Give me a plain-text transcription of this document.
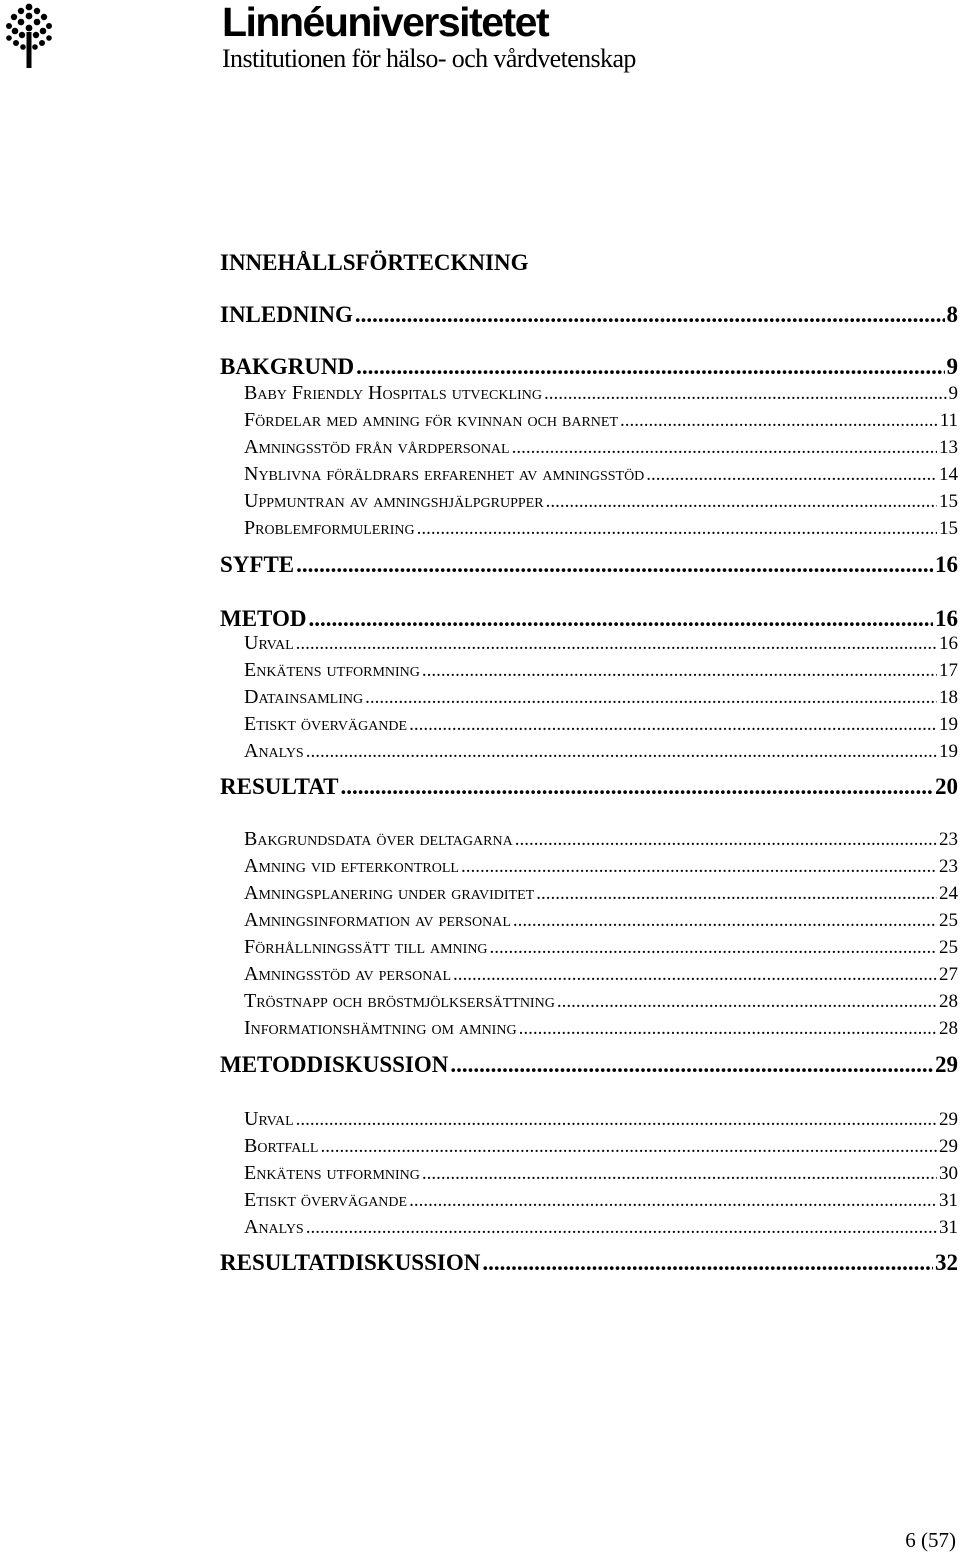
Linnéuniversitetet
Institutionen för hälso- och vårdvetenskap
INNEHÅLLSFÖRTECKNING
INLEDNING .....	8
BAKGRUND .....	9
Baby Friendly Hospitals utveckling .....	9
Fördelar med amning för kvinnan och barnet .....	11
Amningsstöd från vårdpersonal .....	13
Nyblivna föräldrars erfarenhet av amningsstöd .....	14
Uppmuntran av amningshjälpgrupper .....	15
Problemformulering .....	15
SYFTE .....	16
METOD .....	16
Urval .....	16
Enkätens utformning .....	17
Datainsamling .....	18
Etiskt övervägande .....	19
Analys .....	19
RESULTAT .....	20
Bakgrundsdata över deltagarna .....	23
Amning vid efterkontroll .....	23
Amningsplanering under graviditet .....	24
Amningsinformation av personal .....	25
Förhållningssätt till amning .....	25
Amningsstöd av personal .....	27
Tröstnapp och bröstmjölksersättning .....	28
Informationshämtning om amning .....	28
METODDISKUSSION .....	29
Urval .....	29
Bortfall .....	29
Enkätens utformning .....	30
Etiskt övervägande .....	31
Analys .....	31
RESULTATDISKUSSION .....	32
6 (57)
